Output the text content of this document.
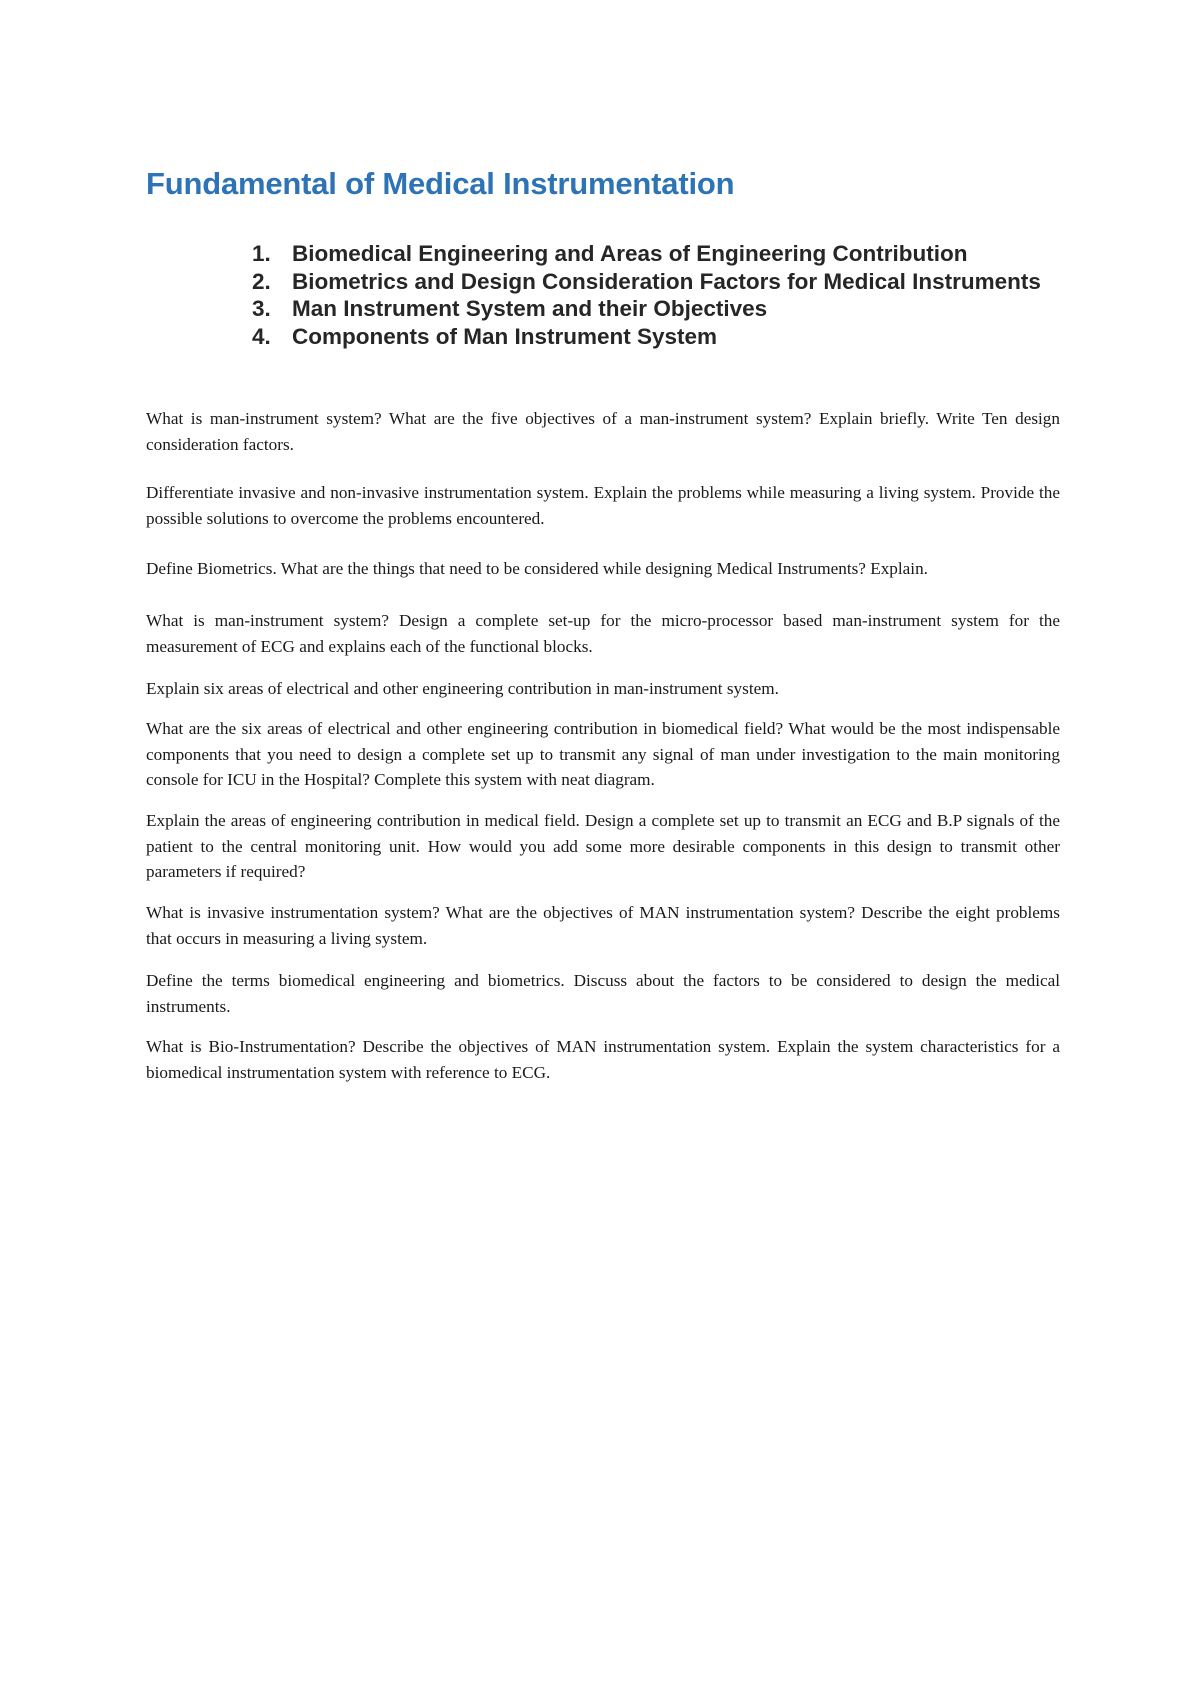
Fundamental of Medical Instrumentation
1. Biomedical Engineering and Areas of Engineering Contribution
2. Biometrics and Design Consideration Factors for Medical Instruments
3. Man Instrument System and their Objectives
4. Components of Man Instrument System

What is man-instrument system? What are the five objectives of a man-instrument system? Explain briefly. Write Ten design consideration factors.

Differentiate invasive and non-invasive instrumentation system. Explain the problems while measuring a living system. Provide the possible solutions to overcome the problems encountered.

Define Biometrics. What are the things that need to be considered while designing Medical Instruments? Explain.

What is man-instrument system? Design a complete set-up for the micro-processor based man-instrument system for the measurement of ECG and explains each of the functional blocks.

Explain six areas of electrical and other engineering contribution in man-instrument system.

What are the six areas of electrical and other engineering contribution in biomedical field? What would be the most indispensable components that you need to design a complete set up to transmit any signal of man under investigation to the main monitoring console for ICU in the Hospital? Complete this system with neat diagram.

Explain the areas of engineering contribution in medical field. Design a complete set up to transmit an ECG and B.P signals of the patient to the central monitoring unit. How would you add some more desirable components in this design to transmit other parameters if required?

What is invasive instrumentation system? What are the objectives of MAN instrumentation system? Describe the eight problems that occurs in measuring a living system.

Define the terms biomedical engineering and biometrics. Discuss about the factors to be considered to design the medical instruments.

What is Bio-Instrumentation? Describe the objectives of MAN instrumentation system. Explain the system characteristics for a biomedical instrumentation system with reference to ECG.
